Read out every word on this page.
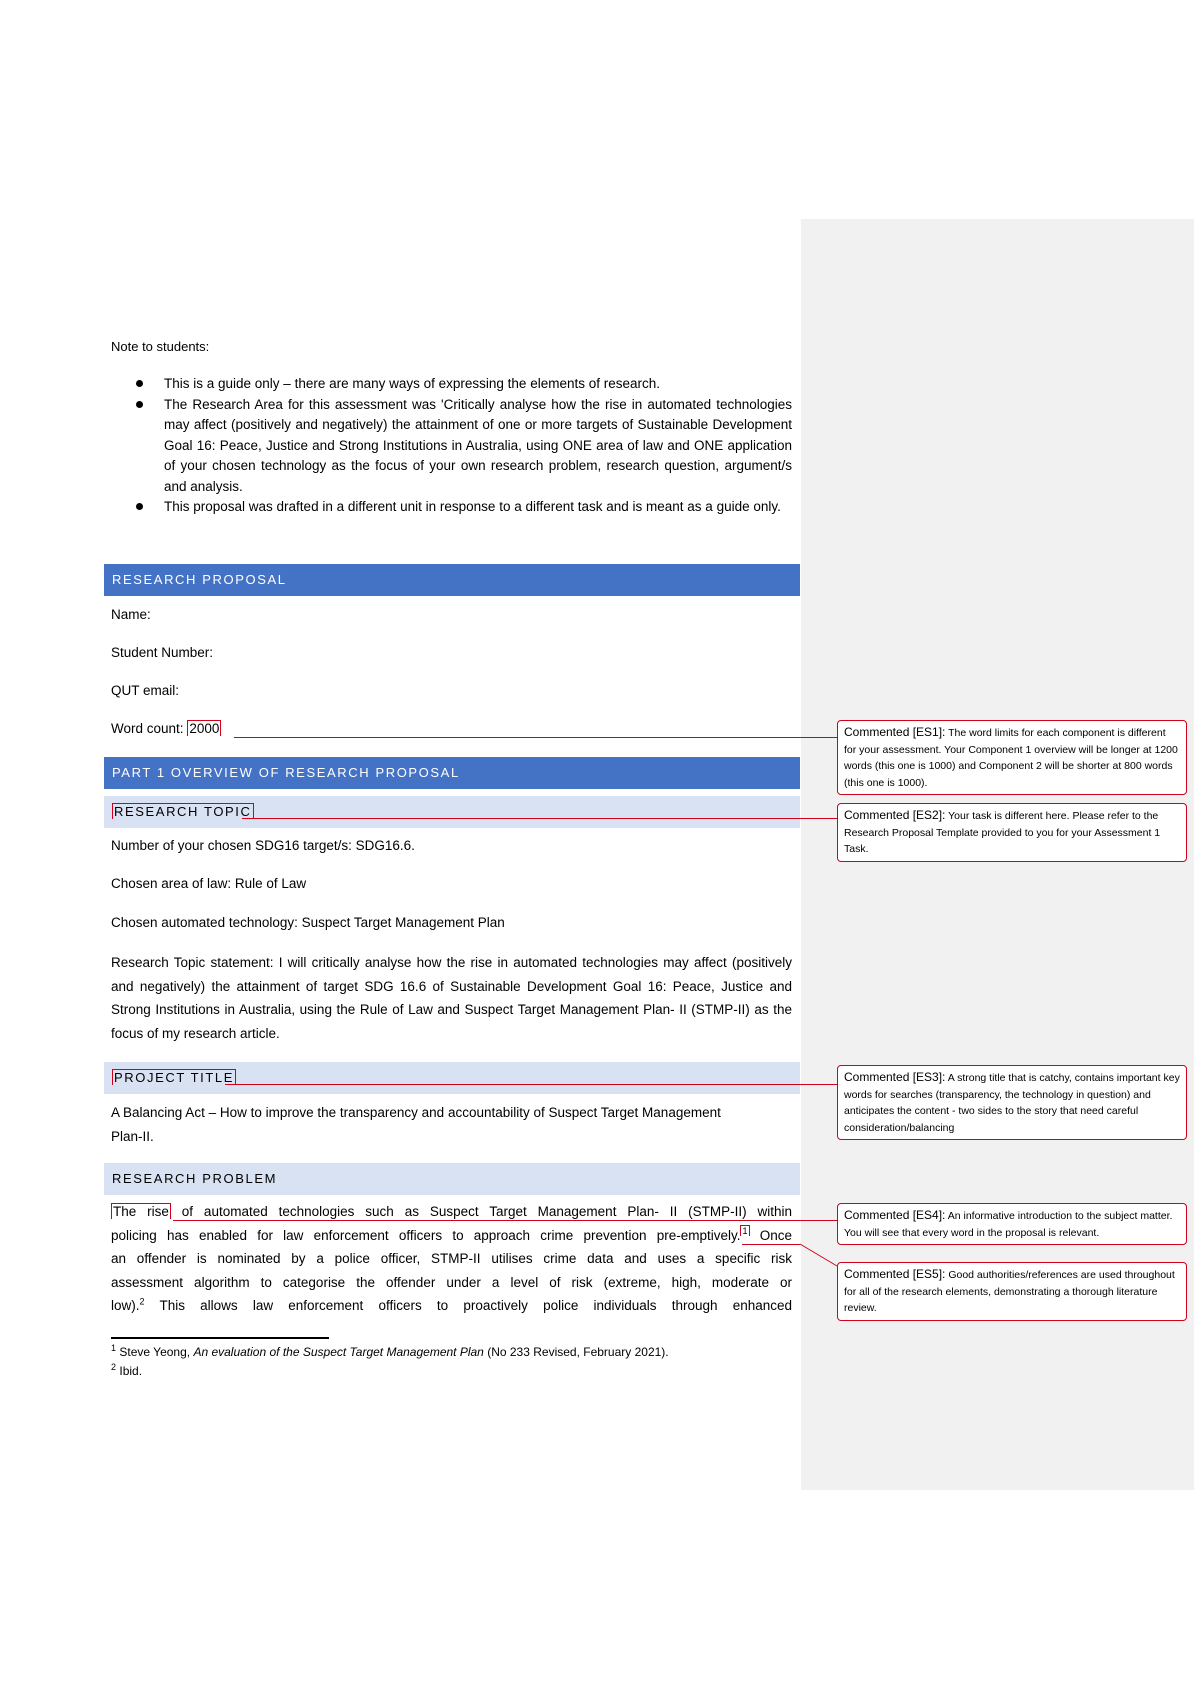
Note to students:
This is a guide only – there are many ways of expressing the elements of research.
The Research Area for this assessment was 'Critically analyse how the rise in automated technologies may affect (positively and negatively) the attainment of one or more targets of Sustainable Development Goal 16: Peace, Justice and Strong Institutions in Australia, using ONE area of law and ONE application of your chosen technology as the focus of your own research problem, research question, argument/s and analysis.
This proposal was drafted in a different unit in response to a different task and is meant as a guide only.
RESEARCH PROPOSAL
Name:
Student Number:
QUT email:
Word count: 2000
PART 1 OVERVIEW OF RESEARCH PROPOSAL
RESEARCH TOPIC
Number of your chosen SDG16 target/s: SDG16.6.
Chosen area of law: Rule of Law
Chosen automated technology: Suspect Target Management Plan
Research Topic statement: I will critically analyse how the rise in automated technologies may affect (positively and negatively) the attainment of target SDG 16.6 of Sustainable Development Goal 16: Peace, Justice and Strong Institutions in Australia, using the Rule of Law and Suspect Target Management Plan- II (STMP-II) as the focus of my research article.
PROJECT TITLE
A Balancing Act – How to improve the transparency and accountability of Suspect Target Management Plan-II.
RESEARCH PROBLEM
The rise of automated technologies such as Suspect Target Management Plan- II (STMP-II) within
policing has enabled for law enforcement officers to approach crime prevention pre-emptively. $^1$ Once
an offender is nominated by a police officer, STMP-II utilises crime data and uses a specific risk
assessment algorithm to categorise the offender under a level of risk (extreme, high, moderate or
low).$^2$ This allows law enforcement officers to proactively police individuals through enhanced
$^1$ Steve Yeong, An evaluation of the Suspect Target Management Plan (No 233 Revised, February 2021).
$^2$ Ibid.
Commented [ES1]: The word limits for each component is different for your assessment. Your Component 1 overview will be longer at 1200 words (this one is 1000) and Component 2 will be shorter at 800 words (this one is 1000).
Commented [ES2]: Your task is different here. Please refer to the Research Proposal Template provided to you for your Assessment 1 Task.
Commented [ES3]: A strong title that is catchy, contains important key words for searches (transparency, the technology in question) and anticipates the content - two sides to the story that need careful consideration/balancing
Commented [ES4]: An informative introduction to the subject matter. You will see that every word in the proposal is relevant.
Commented [ES5]: Good authorities/references are used throughout for all of the research elements, demonstrating a thorough literature review.
